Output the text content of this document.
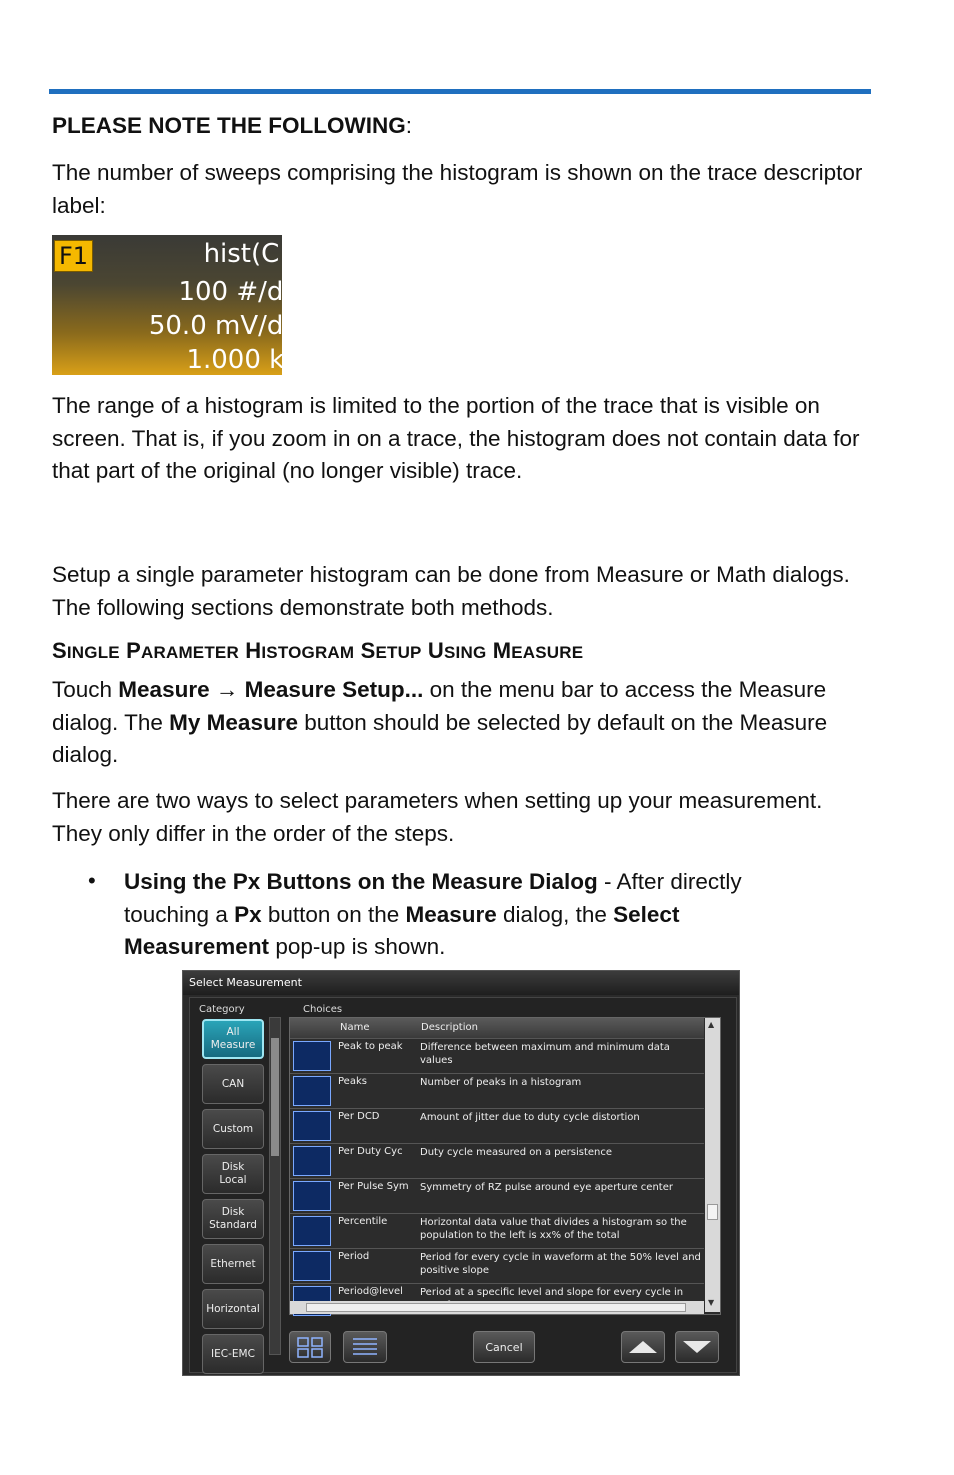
PLEASE NOTE THE FOLLOWING:

The number of sweeps comprising the histogram is shown on the trace descriptor label:

F1	hist(C1)
100 #/div
50.0 mV/div
1.000 k#

The range of a histogram is limited to the portion of the trace that is visible on screen. That is, if you zoom in on a trace, the histogram does not contain data for that part of the original (no longer visible) trace.

Setup a single parameter histogram can be done from Measure or Math dialogs. The following sections demonstrate both methods.

SINGLE PARAMETER HISTOGRAM SETUP USING MEASURE

Touch Measure → Measure Setup... on the menu bar to access the Measure dialog. The My Measure button should be selected by default on the Measure dialog.

There are two ways to select parameters when setting up your measurement. They only differ in the order of the steps.

• Using the Px Buttons on the Measure Dialog - After directly touching a Px button on the Measure dialog, the Select Measurement pop-up is shown.

Select Measurement
Category	Choices
All
Measure
CAN
Custom
Disk
Local
Disk
Standard
Ethernet
Horizontal
IEC-EMC
Name	Description
Peak to peak	Difference between maximum and minimum data values
Peaks	Number of peaks in a histogram
Per DCD	Amount of jitter due to duty cycle distortion
Per Duty Cyc	Duty cycle measured on a persistence
Per Pulse Sym	Symmetry of RZ pulse around eye aperture center
Percentile	Horizontal data value that divides a histogram so the population to the left is xx% of the total
Period	Period for every cycle in waveform at the 50% level and positive slope
Period@level	Period at a specific level and slope for every cycle in
▲
▼
Cancel
